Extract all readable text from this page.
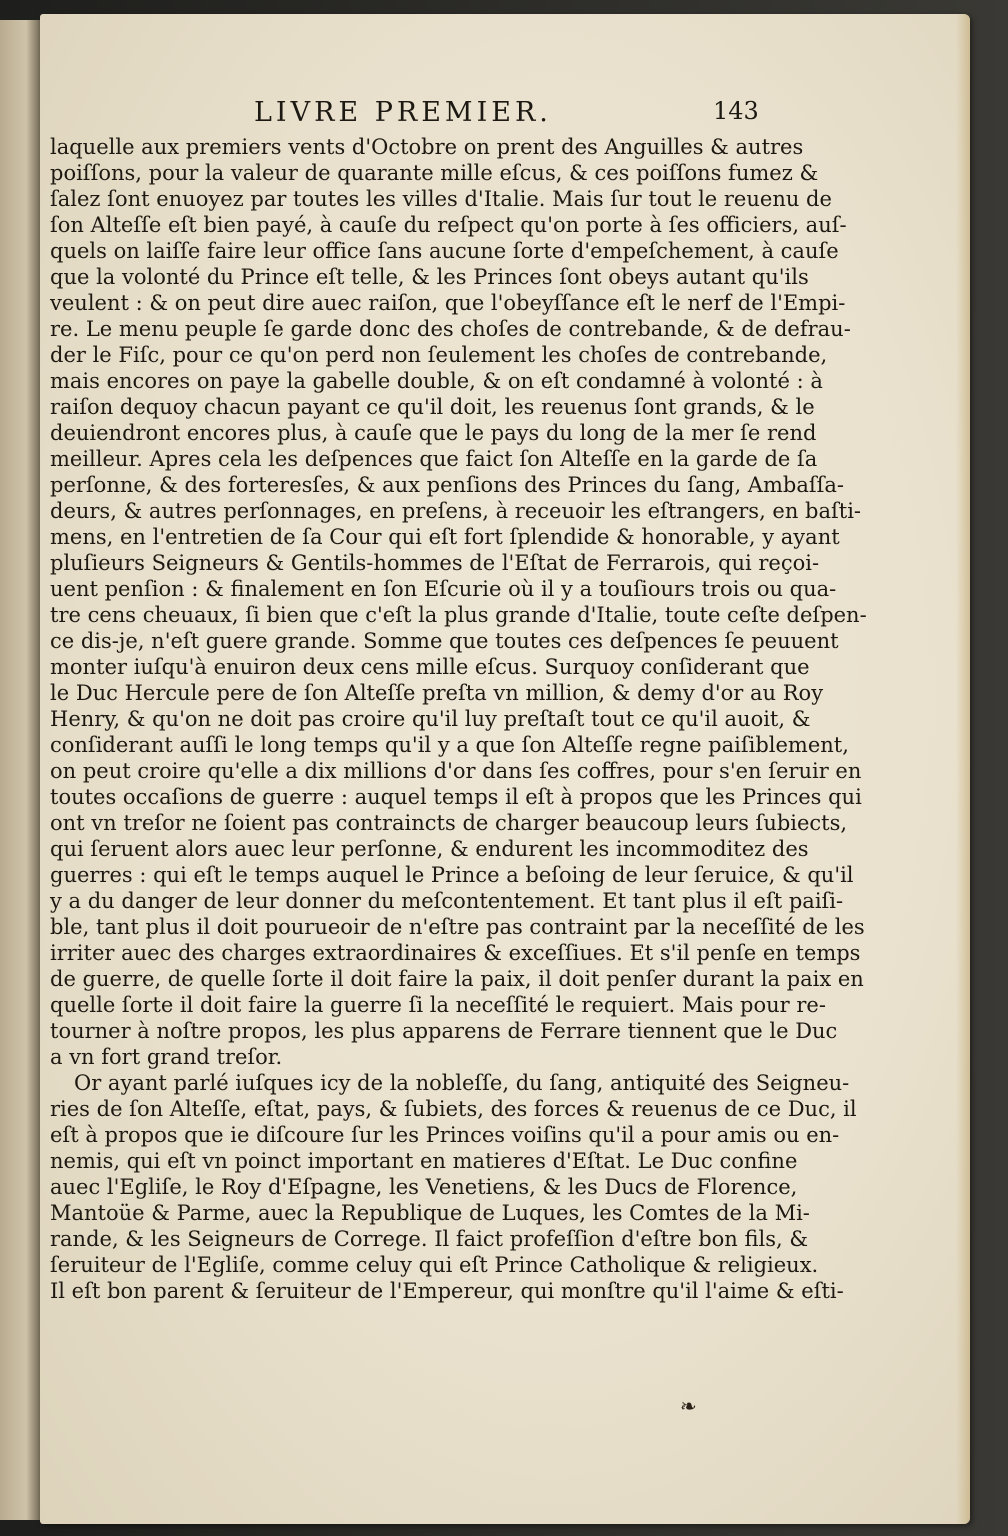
LIVRE PREMIER.	143
laquelle aux premiers vents d'Octobre on prent des Anguilles & autres
poiſſons, pour la valeur de quarante mille eſcus, & ces poiſſons fumez &
ſalez ſont enuoyez par toutes les villes d'Italie. Mais ſur tout le reuenu de
ſon Alteſſe eſt bien payé, à cauſe du reſpect qu'on porte à ſes officiers, auſ-
quels on laiſſe faire leur office ſans aucune ſorte d'empeſchement, à cauſe
que la volonté du Prince eſt telle, & les Princes ſont obeys autant qu'ils
veulent : & on peut dire auec raiſon, que l'obeyſſance eſt le nerf de l'Empi-
re. Le menu peuple ſe garde donc des choſes de contrebande, & de defrau-
der le Fiſc, pour ce qu'on perd non ſeulement les choſes de contrebande,
mais encores on paye la gabelle double, & on eſt condamné à volonté : à
raiſon dequoy chacun payant ce qu'il doit, les reuenus ſont grands, & le
deuiendront encores plus, à cauſe que le pays du long de la mer ſe rend
meilleur. Apres cela les deſpences que faict ſon Alteſſe en la garde de ſa
perſonne, & des forteresſes, & aux penſions des Princes du ſang, Ambaſſa-
deurs, & autres perſonnages, en preſens, à receuoir les eſtrangers, en baſti-
mens, en l'entretien de ſa Cour qui eſt fort ſplendide & honorable, y ayant
pluſieurs Seigneurs & Gentils-hommes de l'Eſtat de Ferrarois, qui reçoi-
uent penſion : & finalement en ſon Eſcurie où il y a touſiours trois ou qua-
tre cens cheuaux, ſi bien que c'eſt la plus grande d'Italie, toute ceſte deſpen-
ce dis-je, n'eſt guere grande. Somme que toutes ces deſpences ſe peuuent
monter iuſqu'à enuiron deux cens mille eſcus. Surquoy conſiderant que
le Duc Hercule pere de ſon Alteſſe preſta vn million, & demy d'or au Roy
Henry, & qu'on ne doit pas croire qu'il luy preſtaſt tout ce qu'il auoit, &
conſiderant auſſi le long temps qu'il y a que ſon Alteſſe regne paiſiblement,
on peut croire qu'elle a dix millions d'or dans ſes coffres, pour s'en ſeruir en
toutes occaſions de guerre : auquel temps il eſt à propos que les Princes qui
ont vn treſor ne ſoient pas contraincts de charger beaucoup leurs ſubiects,
qui ſeruent alors auec leur perſonne, & endurent les incommoditez des
guerres : qui eſt le temps auquel le Prince a beſoing de leur ſeruice, & qu'il
y a du danger de leur donner du meſcontentement. Et tant plus il eſt paiſi-
ble, tant plus il doit pourueoir de n'eſtre pas contraint par la neceſſité de les
irriter auec des charges extraordinaires & exceſſiues. Et s'il penſe en temps
de guerre, de quelle ſorte il doit faire la paix, il doit penſer durant la paix en
quelle ſorte il doit faire la guerre ſi la neceſſité le requiert. Mais pour re-
tourner à noſtre propos, les plus apparens de Ferrare tiennent que le Duc
a vn fort grand treſor.
Or ayant parlé iuſques icy de la nobleſſe, du ſang, antiquité des Seigneu-
ries de ſon Alteſſe, eſtat, pays, & ſubiets, des forces & reuenus de ce Duc, il
eſt à propos que ie diſcoure ſur les Princes voiſins qu'il a pour amis ou en-
nemis, qui eſt vn poinct important en matieres d'Eſtat. Le Duc confine
auec l'Egliſe, le Roy d'Eſpagne, les Venetiens, & les Ducs de Florence,
Mantoüe & Parme, auec la Republique de Luques, les Comtes de la Mi-
rande, & les Seigneurs de Correge. Il faict profeſſion d'eſtre bon fils, &
ſeruiteur de l'Egliſe, comme celuy qui eſt Prince Catholique & religieux.
Il eſt bon parent & ſeruiteur de l'Empereur, qui monſtre qu'il l'aime & eſti-
❧
